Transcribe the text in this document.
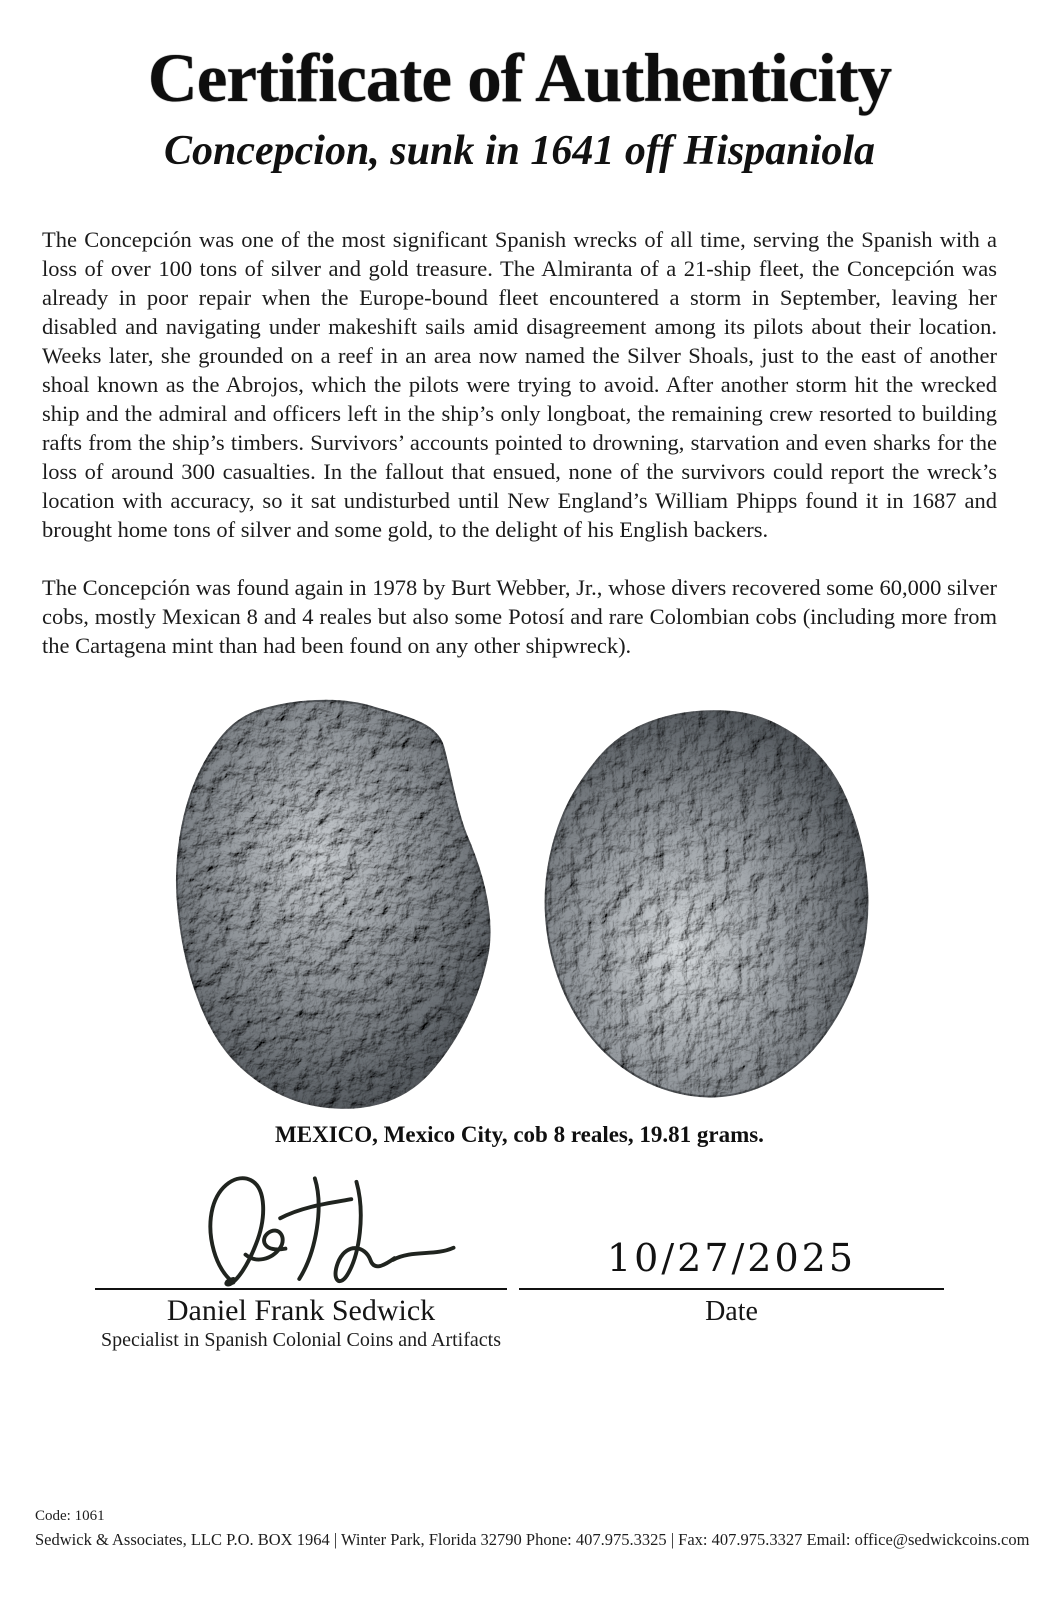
Certificate of Authenticity
Concepcion, sunk in 1641 off Hispaniola

The Concepción was one of the most significant Spanish wrecks of all time, serving the Spanish with a loss of over 100 tons of silver and gold treasure. The Almiranta of a 21-ship fleet, the Concepción was already in poor repair when the Europe-bound fleet encountered a storm in September, leaving her disabled and navigating under makeshift sails amid disagreement among its pilots about their location. Weeks later, she grounded on a reef in an area now named the Silver Shoals, just to the east of another shoal known as the Abrojos, which the pilots were trying to avoid. After another storm hit the wrecked ship and the admiral and officers left in the ship’s only longboat, the remaining crew resorted to building rafts from the ship’s timbers. Survivors’ accounts pointed to drowning, starvation and even sharks for the loss of around 300 casualties. In the fallout that ensued, none of the survivors could report the wreck’s location with accuracy, so it sat undisturbed until New England’s William Phipps found it in 1687 and brought home tons of silver and some gold, to the delight of his English backers.

The Concepción was found again in 1978 by Burt Webber, Jr., whose divers recovered some 60,000 silver cobs, mostly Mexican 8 and 4 reales but also some Potosí and rare Colombian cobs (including more from the Cartagena mint than had been found on any other shipwreck).

MEXICO, Mexico City, cob 8 reales, 19.81 grams.
Daniel Frank Sedwick
Specialist in Spanish Colonial Coins and Artifacts
10/27/2025
Date
Code: 1061
Sedwick & Associates, LLC P.O. BOX 1964 | Winter Park, Florida 32790 Phone: 407.975.3325 | Fax: 407.975.3327 Email: office@sedwickcoins.com
